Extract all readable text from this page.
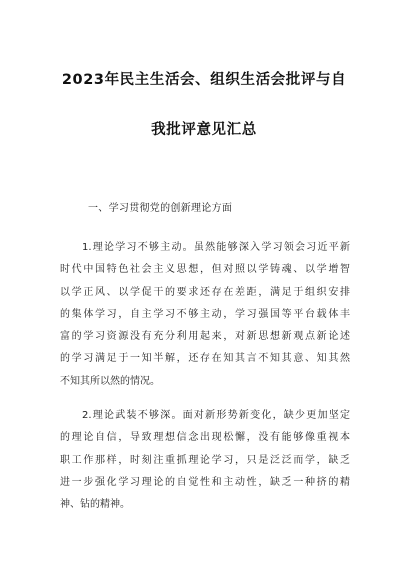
2023年民主生活会、组织生活会批评与自
我批评意见汇总
一、学习贯彻党的创新理论方面
1.理论学习不够主动。虽然能够深入学习领会习近平新
时代中国特色社会主义思想，但对照以学铸魂、以学增智
以学正风、以学促干的要求还存在差距，满足于组织安排
的集体学习，自主学习不够主动，学习强国等平台载体丰
富的学习资源没有充分利用起来，对新思想新观点新论述
的学习满足于一知半解，还存在知其言不知其意、知其然
不知其所以然的情况。
2.理论武装不够深。面对新形势新变化，缺少更加坚定
的理论自信，导致理想信念出现松懈，没有能够像重视本
职工作那样，时刻注重抓理论学习，只是泛泛而学，缺乏
进一步强化学习理论的自觉性和主动性，缺乏一种挤的精
神、钻的精神。
